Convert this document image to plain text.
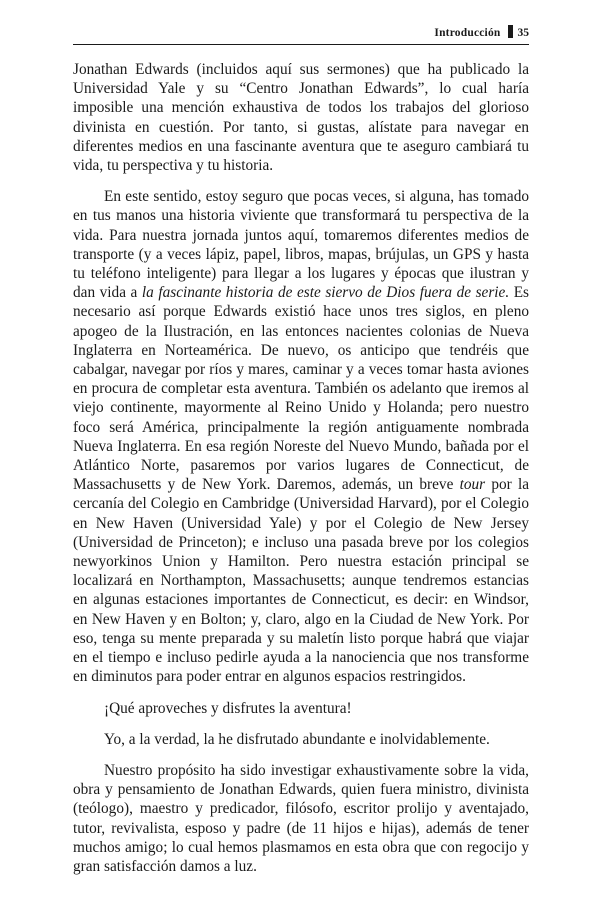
Introducción 35

Jonathan Edwards (incluidos aquí sus sermones) que ha publicado la Universidad Yale y su “Centro Jonathan Edwards”, lo cual haría imposible una mención exhaustiva de todos los trabajos del glorioso divinista en cuestión. Por tanto, si gustas, alístate para navegar en diferentes medios en una fascinante aventura que te aseguro cambiará tu vida, tu perspectiva y tu historia.

En este sentido, estoy seguro que pocas veces, si alguna, has tomado en tus manos una historia viviente que transformará tu perspectiva de la vida. Para nuestra jornada juntos aquí, tomaremos diferentes medios de transporte (y a veces lápiz, papel, libros, mapas, brújulas, un GPS y hasta tu teléfono inteligente) para llegar a los lugares y épocas que ilustran y dan vida a la fascinante historia de este siervo de Dios fuera de serie. Es necesario así porque Edwards existió hace unos tres siglos, en pleno apogeo de la Ilustración, en las entonces nacientes colonias de Nueva Inglaterra en Norteamérica. De nuevo, os anticipo que tendréis que cabalgar, navegar por ríos y mares, caminar y a veces tomar hasta aviones en procura de completar esta aventura. También os adelanto que iremos al viejo continente, mayormente al Reino Unido y Holanda; pero nuestro foco será América, principalmente la región antiguamente nombrada Nueva Inglaterra. En esa región Noreste del Nuevo Mundo, bañada por el Atlántico Norte, pasaremos por varios lugares de Connecticut, de Massachusetts y de New York. Daremos, además, un breve tour por la cercanía del Colegio en Cambridge (Universidad Harvard), por el Colegio en New Haven (Universidad Yale) y por el Colegio de New Jersey (Universidad de Princeton); e incluso una pasada breve por los colegios newyorkinos Union y Hamilton. Pero nuestra estación principal se localizará en Northampton, Massachusetts; aunque tendremos estancias en algunas estaciones importantes de Connecticut, es decir: en Windsor, en New Haven y en Bolton; y, claro, algo en la Ciudad de New York. Por eso, tenga su mente preparada y su maletín listo porque habrá que viajar en el tiempo e incluso pedirle ayuda a la nanociencia que nos transforme en diminutos para poder entrar en algunos espacios restringidos.

¡Qué aproveches y disfrutes la aventura!

Yo, a la verdad, la he disfrutado abundante e inolvidablemente.

Nuestro propósito ha sido investigar exhaustivamente sobre la vida, obra y pensamiento de Jonathan Edwards, quien fuera ministro, divinista (teólogo), maestro y predicador, filósofo, escritor prolijo y aventajado, tutor, revivalista, esposo y padre (de 11 hijos e hijas), además de tener muchos amigo; lo cual hemos plasmamos en esta obra que con regocijo y gran satisfacción damos a luz.
